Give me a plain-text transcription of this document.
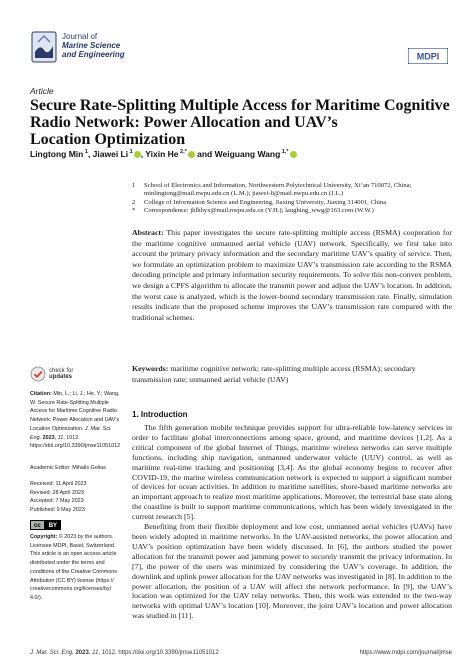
Journal of
Marine Science
and Engineering	MDPI
Article
Secure Rate-Splitting Multiple Access for Maritime Cognitive
Radio Network: Power Allocation and UAV’s
Location Optimization
Lingtong Min $^1$, Jiawei Li $^1$ , Yixin He $^{2,*}$ and Weiguang Wang $^{1,*}$
1	School of Electronics and Information, Northwestern Polytechnical University, Xi’an 710072, China; minlingtong@mail.nwpu.edu.cn (L.M.); jiawei-li@mail.nwpu.edu.cn (J.L.)
2	College of Information Science and Engineering, Jiaxing University, Jiaxing 314001, China
*	Correspondence: jhlhhyx@mail.nwpu.edu.cn (Y.H.); laughing_wwg@163.com (W.W.)
Abstract: This paper investigates the secure rate-splitting multiple access (RSMA) cooperation for the maritime cognitive unmanned aerial vehicle (UAV) network. Specifically, we first take into account the primary privacy information and the secondary maritime UAV’s quality of service. Then, we formulate an optimization problem to maximize UAV’s transmission rate according to the RSMA decoding principle and primary information security requirements. To solve this non-convex problem, we design a CPFS algorithm to allocate the transmit power and adjust the UAV’s location. In addition, the worst case is analyzed, which is the lower-bound secondary transmission rate. Finally, simulation results indicate that the proposed scheme improves the UAV’s transmission rate compared with the traditional schemes.
Keywords: maritime cognitive network; rate-splitting multiple access (RSMA); secondary transmission rate; unmanned aerial vehicle (UAV)
check for
updates
Citation: Min, L.; Li, J.; He, Y.; Wang, W. Secure Rate-Splitting Multiple Access for Maritime Cognitive Radio Network: Power Allocation and UAV’s Location Optimization. J. Mar. Sci. Eng. 2023, 11, 1012. https://doi.org/10.3390/jmse11051012
Academic Editor: Mihalis Golias
Received: 11 April 2023
Revised: 28 April 2023
Accepted: 7 May 2023
Published: 9 May 2023
cc	BY
Copyright: © 2023 by the authors. Licensee MDPI, Basel, Switzerland. This article is an open access article distributed under the terms and conditions of the Creative Commons Attribution (CC BY) license (https:// creativecommons.org/licenses/by/ 4.0/).
1. Introduction

The fifth generation mobile technique provides support for ultra-reliable low-latency services in order to facilitate global interconnections among space, ground, and maritime devices [1,2]. As a critical component of the global Internet of Things, maritime wireless networks can serve multiple functions, including ship navigation, unmanned underwater vehicle (UUV) control, as well as maritime real-time tracking and positioning [3,4]. As the global economy begins to recover after COVID-19, the marine wireless communication network is expected to support a significant number of devices for ocean activities. In addition to maritime satellites, shore-based maritime networks are an important approach to realize most maritime applications. Moreover, the terrestrial base state along the coastline is built to support maritime communications, which has been widely investigated in the current research [5].

Benefiting from their flexible deployment and low cost, unmanned aerial vehicles (UAVs) have been widely adopted in maritime networks. In the UAV-assisted networks, the power allocation and UAV’s position optimization have been widely discussed. In [6], the authors studied the power allocation for the transmit power and jamming power to securely transmit the privacy information. In [7], the power of the users was minimized by considering the UAV’s coverage. In addition, the downlink and uplink power allocation for the UAV networks was investigated in [8]. In addition to the power allocation, the position of a UAV will affect the network performance. In [9], the UAV’s location was optimized for the UAV relay networks. Then, this work was extended to the two-way networks with optimal UAV’s location [10]. Moreover, the joint UAV’s location and power allocation was studied in [11].

J. Mar. Sci. Eng. 2023, 11, 1012. https://doi.org/10.3390/jmse11051012	https://www.mdpi.com/journal/jmse
